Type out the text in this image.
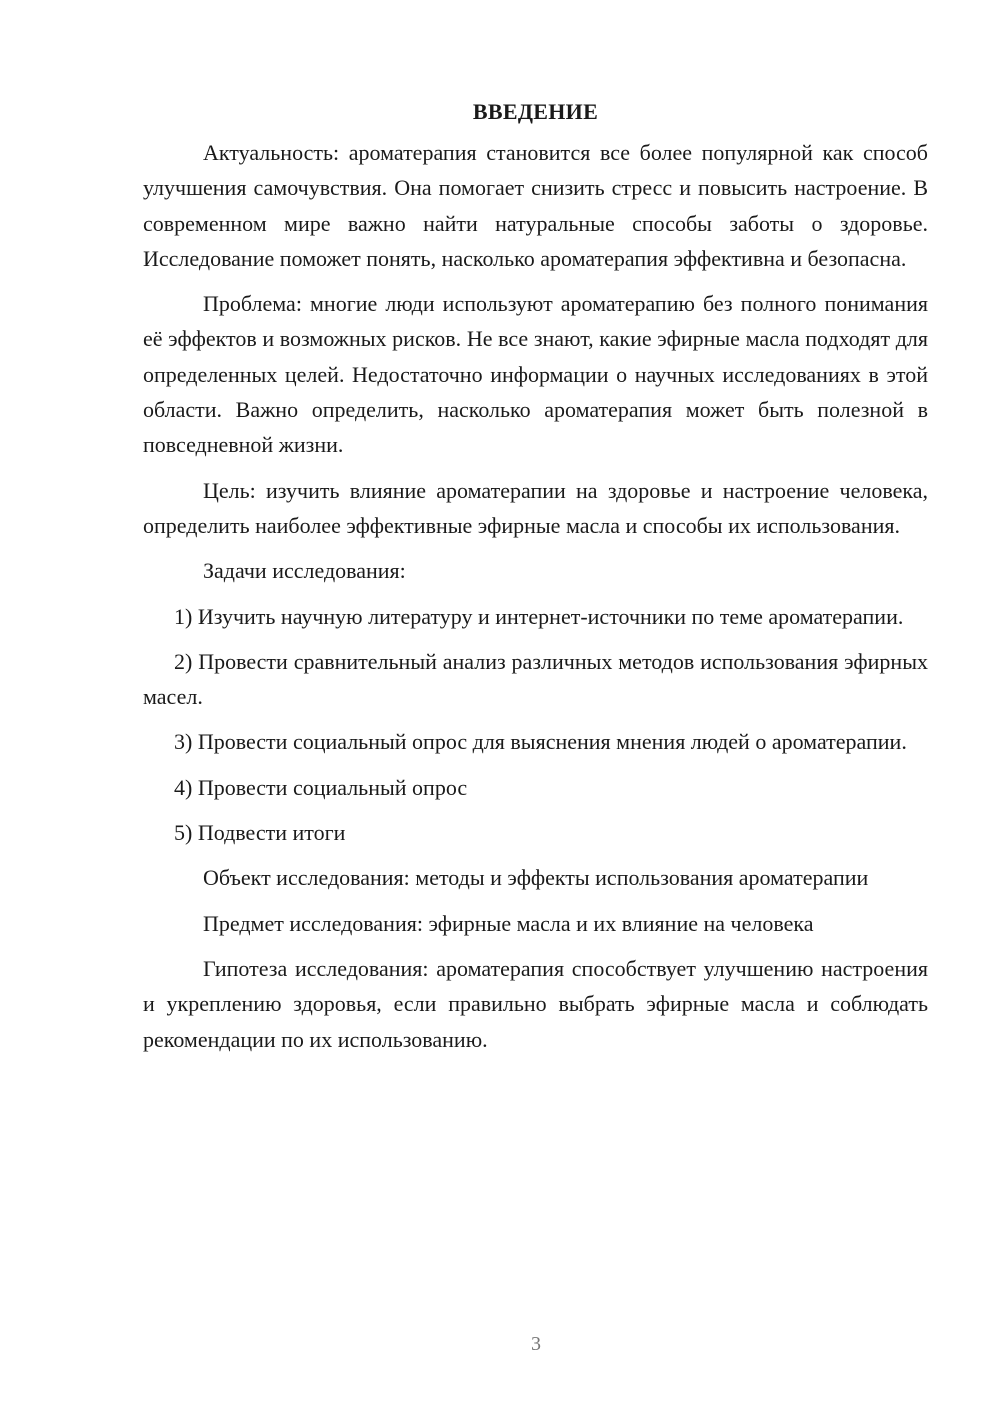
ВВЕДЕНИЕ

Актуальность: ароматерапия становится все более популярной как способ улучшения самочувствия. Она помогает снизить стресс и повысить настроение. В современном мире важно найти натуральные способы заботы о здоровье. Исследование поможет понять, насколько ароматерапия эффективна и безопасна.

Проблема: многие люди используют ароматерапию без полного понимания её эффектов и возможных рисков. Не все знают, какие эфирные масла подходят для определенных целей. Недостаточно информации о научных исследованиях в этой области. Важно определить, насколько ароматерапия может быть полезной в повседневной жизни.

Цель: изучить влияние ароматерапии на здоровье и настроение человека, определить наиболее эффективные эфирные масла и способы их использования.

Задачи исследования:

1) Изучить научную литературу и интернет-источники по теме ароматерапии.

2) Провести сравнительный анализ различных методов использования эфирных масел.

3) Провести социальный опрос для выяснения мнения людей о ароматерапии.

4) Провести социальный опрос

5) Подвести итоги

Объект исследования: методы и эффекты использования ароматерапии

Предмет исследования: эфирные масла и их влияние на человека

Гипотеза исследования: ароматерапия способствует улучшению настроения и укреплению здоровья, если правильно выбрать эфирные масла и соблюдать рекомендации по их использованию.

3
